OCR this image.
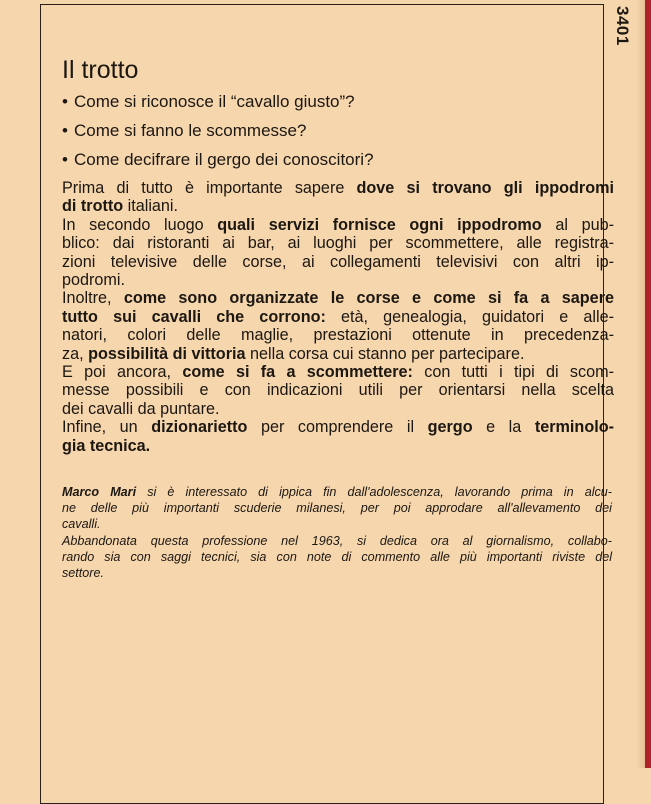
3401
Il trotto
• Come si riconosce il “cavallo giusto”?
• Come si fanno le scommesse?
• Come decifrare il gergo dei conoscitori?
Prima di tutto è importante sapere dove si trovano gli ippodromi
di trotto italiani.
In secondo luogo quali servizi fornisce ogni ippodromo al pub-
blico: dai ristoranti ai bar, ai luoghi per scommettere, alle registra-
zioni televisive delle corse, ai collegamenti televisivi con altri ip-
podromi.
Inoltre, come sono organizzate le corse e come si fa a sapere
tutto sui cavalli che corrono: età, genealogia, guidatori e alle-
natori, colori delle maglie, prestazioni ottenute in precedenza-
za, possibilità di vittoria nella corsa cui stanno per partecipare.
E poi ancora, come si fa a scommettere: con tutti i tipi di scom-
messe possibili e con indicazioni utili per orientarsi nella scelta
dei cavalli da puntare.
Infine, un dizionarietto per comprendere il gergo e la terminolo-
gia tecnica.
Marco Mari si è interessato di ippica fin dall'adolescenza, lavorando prima in alcu-
ne delle più importanti scuderie milanesi, per poi approdare all'allevamento dei
cavalli.
Abbandonata questa professione nel 1963, si dedica ora al giornalismo, collabo-
rando sia con saggi tecnici, sia con note di commento alle più importanti riviste del
settore.
